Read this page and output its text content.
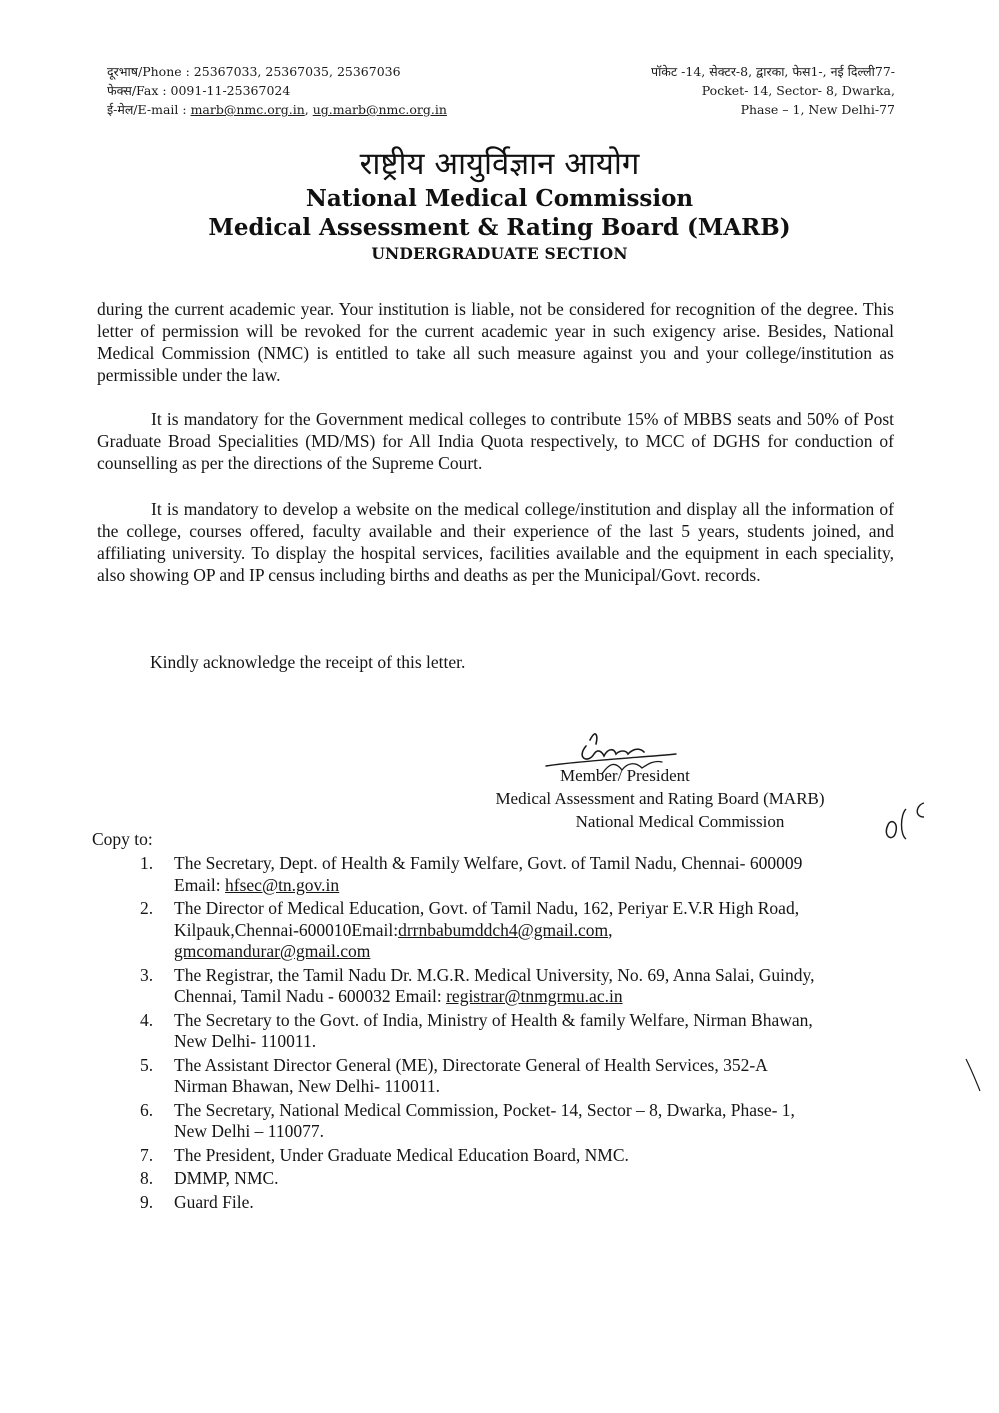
दूरभाष/Phone : 25367033, 25367035, 25367036
फेक्स/Fax : 0091-11-25367024
ई-मेल/E-mail : marb@nmc.org.in, ug.marb@nmc.org.in
पॉकेट -14, सेक्टर-8, द्वारका, फेस1-, नई दिल्ली77-
Pocket- 14, Sector- 8, Dwarka,
Phase – 1, New Delhi-77
राष्ट्रीय आयुर्विज्ञान आयोग
National Medical Commission
Medical Assessment & Rating Board (MARB)
UNDERGRADUATE SECTION
during the current academic year. Your institution is liable, not be considered for recognition of the degree. This letter of permission will be revoked for the current academic year in such exigency arise. Besides, National Medical Commission (NMC) is entitled to take all such measure against you and your college/institution as permissible under the law.
It is mandatory for the Government medical colleges to contribute 15% of MBBS seats and 50% of Post Graduate Broad Specialities (MD/MS) for All India Quota respectively, to MCC of DGHS for conduction of counselling as per the directions of the Supreme Court.
It is mandatory to develop a website on the medical college/institution and display all the information of the college, courses offered, faculty available and their experience of the last 5 years, students joined, and affiliating university. To display the hospital services, facilities available and the equipment in each speciality, also showing OP and IP census including births and deaths as per the Municipal/Govt. records.
Kindly acknowledge the receipt of this letter.
Member/ President
Medical Assessment and Rating Board (MARB)
National Medical Commission
Copy to:
1.	The Secretary, Dept. of Health & Family Welfare, Govt. of Tamil Nadu, Chennai- 600009
Email: hfsec@tn.gov.in
2.	The Director of Medical Education, Govt. of Tamil Nadu, 162, Periyar E.V.R High Road,
Kilpauk,Chennai-600010Email:drrnbabumddch4@gmail.com,
gmcomandurar@gmail.com
3.	The Registrar, the Tamil Nadu Dr. M.G.R. Medical University, No. 69, Anna Salai, Guindy,
Chennai, Tamil Nadu - 600032 Email: registrar@tnmgrmu.ac.in
4.	The Secretary to the Govt. of India, Ministry of Health & family Welfare, Nirman Bhawan,
New Delhi- 110011.
5.	The Assistant Director General (ME), Directorate General of Health Services, 352-A
Nirman Bhawan, New Delhi- 110011.
6.	The Secretary, National Medical Commission, Pocket- 14, Sector – 8, Dwarka, Phase- 1,
New Delhi – 110077.
7.	The President, Under Graduate Medical Education Board, NMC.
8.	DMMP, NMC.
9.	Guard File.
